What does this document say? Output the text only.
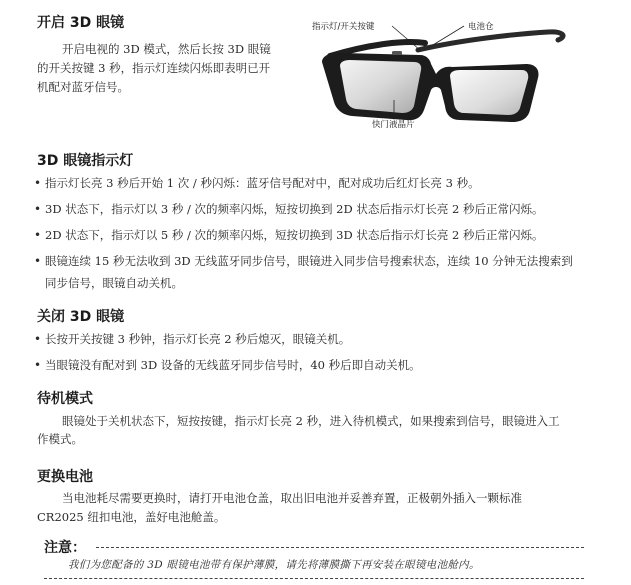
开启 3D 眼镜

开启电视的 3D 模式，然后长按 3D 眼镜

的开关按键 3 秒，指示灯连续闪烁即表明已开

机配对蓝牙信号。

指示灯/开关按键	电池仓
快门液晶片
3D 眼镜指示灯
• 指示灯长亮 3 秒后开始 1 次 / 秒闪烁：蓝牙信号配对中，配对成功后红灯长亮 3 秒。
• 3D 状态下，指示灯以 3 秒 / 次的频率闪烁，短按切换到 2D 状态后指示灯长亮 2 秒后正常闪烁。
• 2D 状态下，指示灯以 5 秒 / 次的频率闪烁，短按切换到 3D 状态后指示灯长亮 2 秒后正常闪烁。
• 眼镜连续 15 秒无法收到 3D 无线蓝牙同步信号，眼镜进入同步信号搜索状态，连续 10 分钟无法搜索到

同步信号，眼镜自动关机。

关闭 3D 眼镜
• 长按开关按键 3 秒钟，指示灯长亮 2 秒后熄灭，眼镜关机。
• 当眼镜没有配对到 3D 设备的无线蓝牙同步信号时，40 秒后即自动关机。
待机模式

眼镜处于关机状态下，短按按键，指示灯长亮 2 秒，进入待机模式，如果搜索到信号，眼镜进入工

作模式。

更换电池

当电池耗尽需要更换时，请打开电池仓盖，取出旧电池并妥善弃置，正极朝外插入一颗标准

CR2025 纽扣电池，盖好电池舱盖。

注意：
我们为您配备的 3D 眼镜电池带有保护薄膜，请先将薄膜撕下再安装在眼镜电池舱内。
